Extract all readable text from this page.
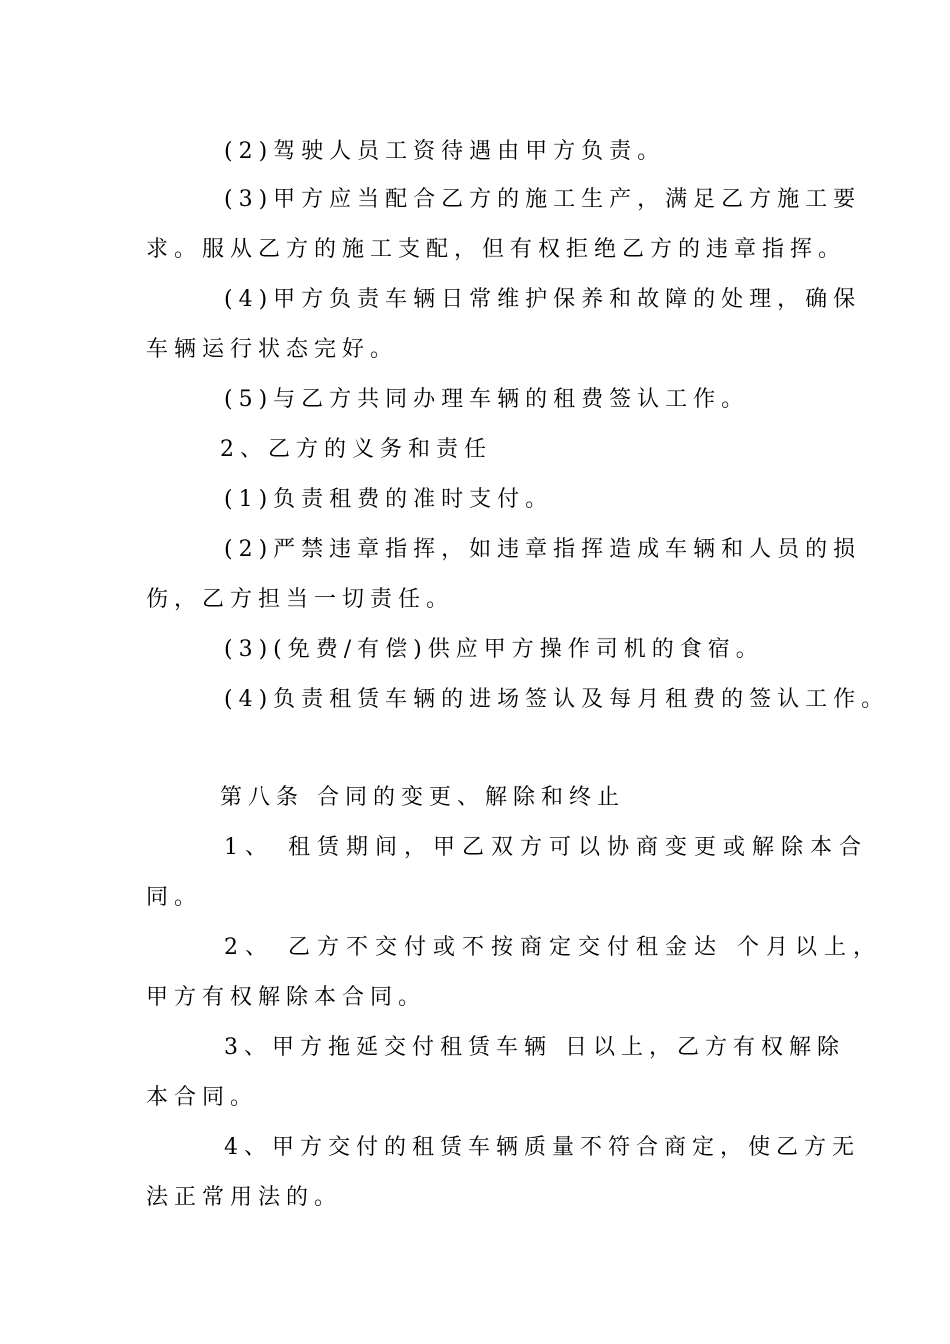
(2)驾驶人员工资待遇由甲方负责。
(3)甲方应当配合乙方的施工生产，满足乙方施工要
求。服从乙方的施工支配，但有权拒绝乙方的违章指挥。
(4)甲方负责车辆日常维护保养和故障的处理，确保
车辆运行状态完好。
(5)与乙方共同办理车辆的租费签认工作。
2、乙方的义务和责任
(1)负责租费的准时支付。
(2)严禁违章指挥，如违章指挥造成车辆和人员的损
伤，乙方担当一切责任。
(3)(免费/有偿)供应甲方操作司机的食宿。
(4)负责租赁车辆的进场签认及每月租费的签认工作。
第八条 合同的变更、解除和终止
1、 租赁期间，甲乙双方可以协商变更或解除本合
同。
2、 乙方不交付或不按商定交付租金达 个月以上，
甲方有权解除本合同。
3、甲方拖延交付租赁车辆 日以上，乙方有权解除
本合同。
4、甲方交付的租赁车辆质量不符合商定，使乙方无
法正常用法的。
